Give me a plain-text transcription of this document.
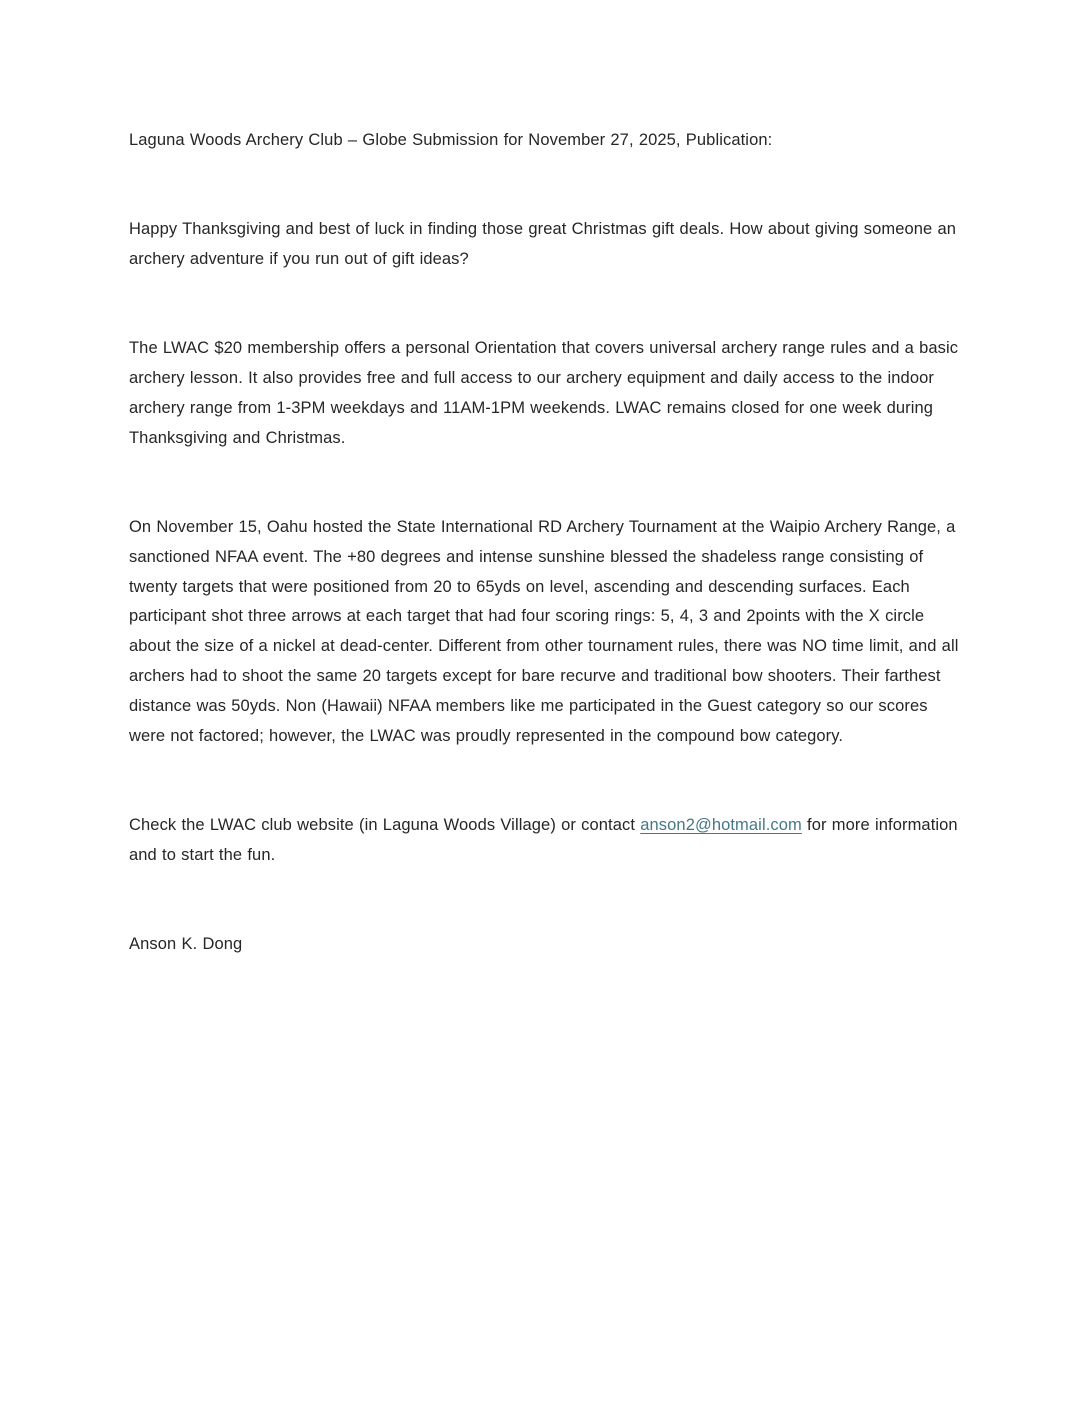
Laguna Woods Archery Club – Globe Submission for November 27, 2025, Publication:

Happy Thanksgiving and best of luck in finding those great Christmas gift deals. How about giving someone an archery adventure if you run out of gift ideas?

The LWAC $20 membership offers a personal Orientation that covers universal archery range rules and a basic archery lesson. It also provides free and full access to our archery equipment and daily access to the indoor archery range from 1-3PM weekdays and 11AM-1PM weekends. LWAC remains closed for one week during Thanksgiving and Christmas.

On November 15, Oahu hosted the State International RD Archery Tournament at the Waipio Archery Range, a sanctioned NFAA event. The +80 degrees and intense sunshine blessed the shadeless range consisting of twenty targets that were positioned from 20 to 65yds on level, ascending and descending surfaces. Each participant shot three arrows at each target that had four scoring rings: 5, 4, 3 and 2points with the X circle about the size of a nickel at dead-center. Different from other tournament rules, there was NO time limit, and all archers had to shoot the same 20 targets except for bare recurve and traditional bow shooters. Their farthest distance was 50yds. Non (Hawaii) NFAA members like me participated in the Guest category so our scores were not factored; however, the LWAC was proudly represented in the compound bow category.

Check the LWAC club website (in Laguna Woods Village) or contact anson2@hotmail.com for more information and to start the fun.

Anson K. Dong
